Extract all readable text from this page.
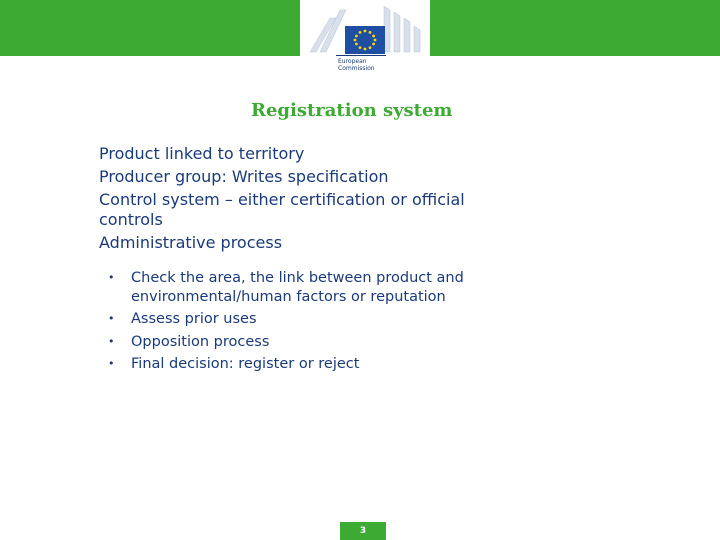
European
Commission
Registration system
Product linked to territory
Producer group: Writes specification
Control system – either certification or official controls
Administrative process
• Check the area, the link between product and environmental/human factors or reputation
• Assess prior uses
• Opposition process
• Final decision: register or reject
3
